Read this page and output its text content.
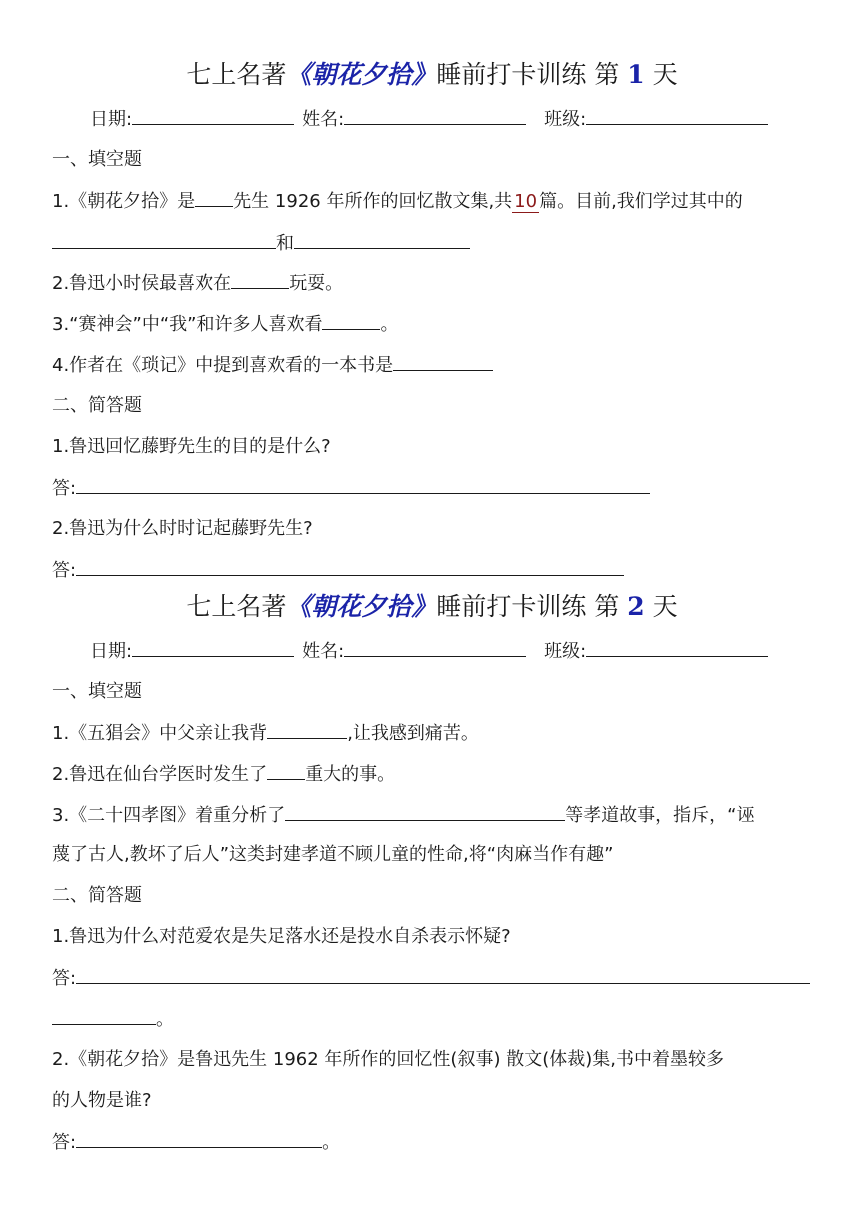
七上名著《朝花夕拾》睡前打卡训练 第 1 天
日期:	姓名:	班级:
一、填空题
1.《朝花夕拾》是 先生 1926 年所作的回忆散文集,共 10 篇。目前,我们学过其中的
和
2.鲁迅小时侯最喜欢在	玩耍。
3.“赛神会”中“我”和许多人喜欢看	。
4.作者在《琐记》中提到喜欢看的一本书是
二、简答题
1.鲁迅回忆藤野先生的目的是什么?
答:
2.鲁迅为什么时时记起藤野先生?
答:
七上名著《朝花夕拾》睡前打卡训练 第 2 天
日期:	姓名:	班级:
一、填空题
1.《五猖会》中父亲让我背	,让我感到痛苦。
2.鲁迅在仙台学医时发生了 重大的事。
3.《二十四孝图》着重分析了	等孝道故事，指斥，“诬
蔑了古人,教坏了后人”这类封建孝道不顾儿童的性命,将“肉麻当作有趣”
二、简答题
1.鲁迅为什么对范爱农是失足落水还是投水自杀表示怀疑?
答:
。
2.《朝花夕拾》是鲁迅先生 1962 年所作的回忆性(叙事) 散文(体裁)集,书中着墨较多
的人物是谁?
答:	。
